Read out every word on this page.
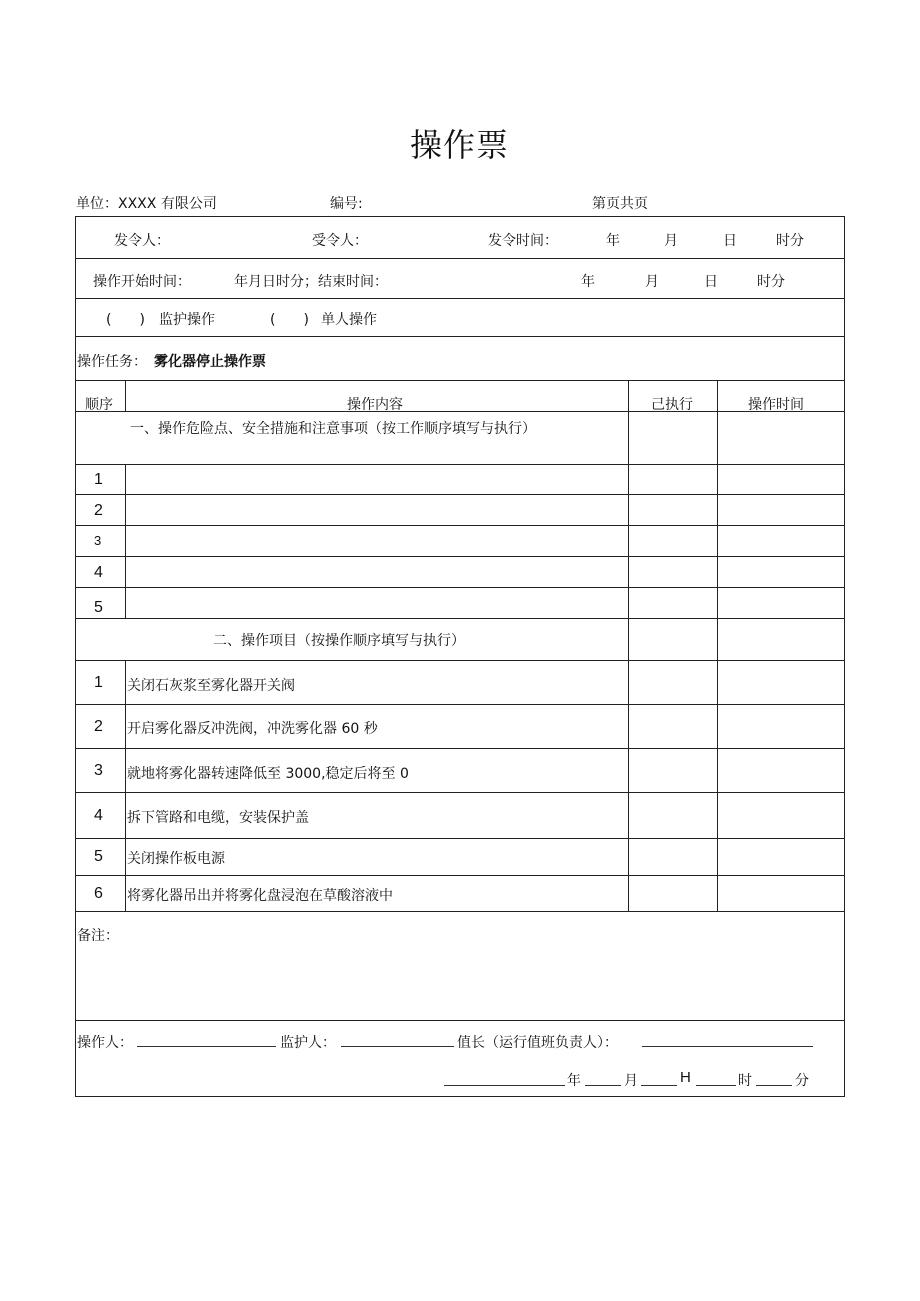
操作票
单位：XXXX 有限公司	编号:	第页共页
发令人：	受令人：	发令时间：	年	月	日	时分
操作开始时间：	年月日时分；结束时间：	年	月	日	时分
(　　) 监护操作	(　　) 单人操作
操作任务： 雾化器停止操作票
顺序	操作内容	己执行	操作时间
一、操作危险点、安全措施和注意事项（按工作顺序填写与执行）
1
2
3
4
5
二、操作项目（按操作顺序填写与执行）
1 关闭石灰浆至雾化器开关阀
2 开启雾化器反冲洗阀，冲洗雾化器 60 秒
3 就地将雾化器转速降低至 3000,稳定后将至 0
4 拆下管路和电缆，安装保护盖
5 关闭操作板电源
6 将雾化器吊出并将雾化盘浸泡在草酸溶液中
备注：
操作人：	监护人：	值长（运行值班负责人）：
年	月	H	时	分
